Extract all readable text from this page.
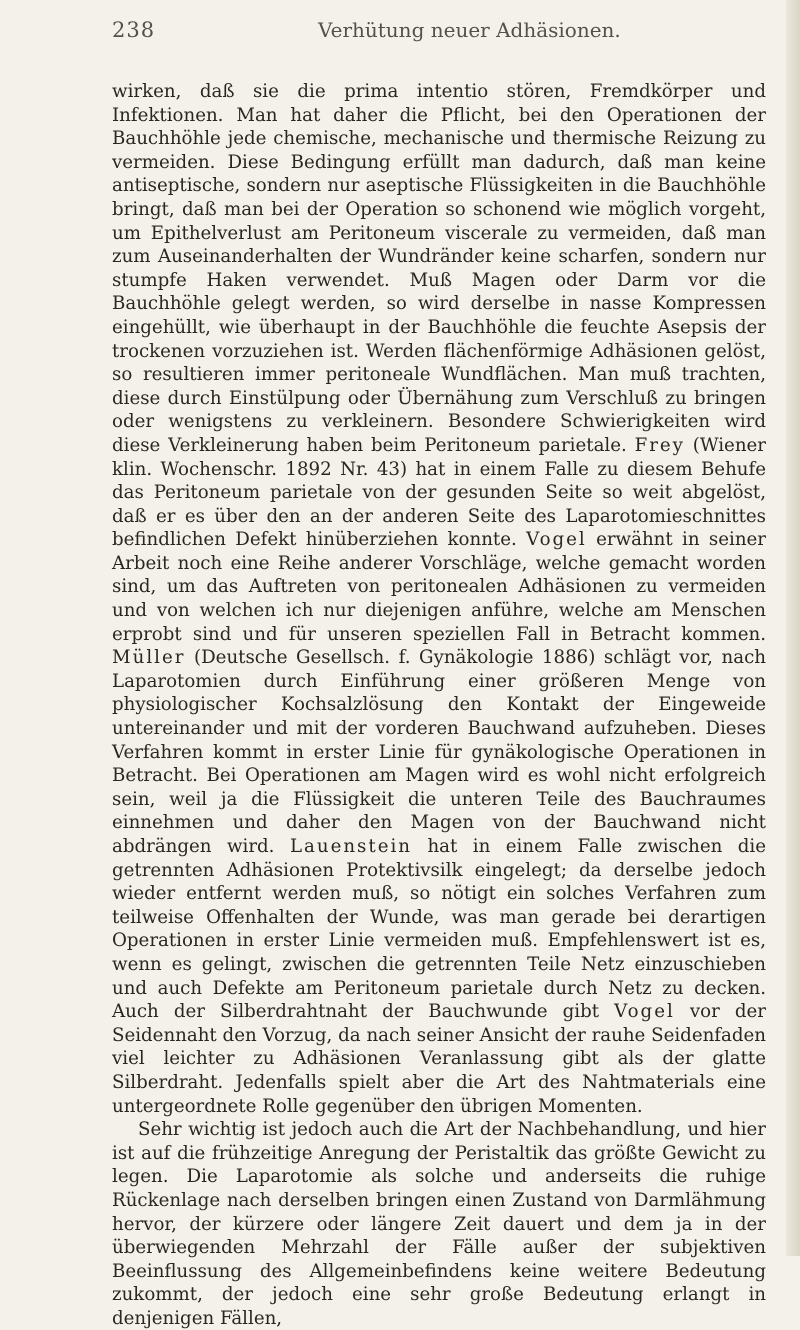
238	Verhütung neuer Adhäsionen.

wirken, daß sie die prima intentio stören, Fremdkörper und Infektionen. Man hat daher die Pflicht, bei den Operationen der Bauchhöhle jede chemische, mechanische und thermische Reizung zu vermeiden. Diese Bedingung erfüllt man dadurch, daß man keine antiseptische, sondern nur aseptische Flüssigkeiten in die Bauchhöhle bringt, daß man bei der Operation so schonend wie möglich vorgeht, um Epithelverlust am Peritoneum viscerale zu vermeiden, daß man zum Auseinanderhalten der Wundränder keine scharfen, sondern nur stumpfe Haken verwendet. Muß Magen oder Darm vor die Bauchhöhle gelegt werden, so wird derselbe in nasse Kompressen eingehüllt, wie überhaupt in der Bauchhöhle die feuchte Asepsis der trockenen vorzuziehen ist. Werden flächenförmige Adhäsionen gelöst, so resultieren immer peritoneale Wundflächen. Man muß trachten, diese durch Einstülpung oder Übernähung zum Verschluß zu bringen oder wenigstens zu verkleinern. Besondere Schwierigkeiten wird diese Verkleinerung haben beim Peritoneum parietale. Frey (Wiener klin. Wochenschr. 1892 Nr. 43) hat in einem Falle zu diesem Behufe das Peritoneum parietale von der gesunden Seite so weit abgelöst, daß er es über den an der anderen Seite des Laparotomieschnittes befindlichen Defekt hinüberziehen konnte. Vogel erwähnt in seiner Arbeit noch eine Reihe anderer Vorschläge, welche gemacht worden sind, um das Auftreten von peritonealen Adhäsionen zu vermeiden und von welchen ich nur diejenigen anführe, welche am Menschen erprobt sind und für unseren speziellen Fall in Betracht kommen. Müller (Deutsche Gesellsch. f. Gynäkologie 1886) schlägt vor, nach Laparotomien durch Einführung einer größeren Menge von physiologischer Kochsalzlösung den Kontakt der Eingeweide untereinander und mit der vorderen Bauchwand aufzuheben. Dieses Verfahren kommt in erster Linie für gynäkologische Operationen in Betracht. Bei Operationen am Magen wird es wohl nicht erfolgreich sein, weil ja die Flüssigkeit die unteren Teile des Bauchraumes einnehmen und daher den Magen von der Bauchwand nicht abdrängen wird. Lauenstein hat in einem Falle zwischen die getrennten Adhäsionen Protektivsilk eingelegt; da derselbe jedoch wieder entfernt werden muß, so nötigt ein solches Verfahren zum teilweise Offenhalten der Wunde, was man gerade bei derartigen Operationen in erster Linie vermeiden muß. Empfehlenswert ist es, wenn es gelingt, zwischen die getrennten Teile Netz einzuschieben und auch Defekte am Peritoneum parietale durch Netz zu decken. Auch der Silberdrahtnaht der Bauchwunde gibt Vogel vor der Seidennaht den Vorzug, da nach seiner Ansicht der rauhe Seidenfaden viel leichter zu Adhäsionen Veranlassung gibt als der glatte Silberdraht. Jedenfalls spielt aber die Art des Nahtmaterials eine untergeordnete Rolle gegenüber den übrigen Momenten.

Sehr wichtig ist jedoch auch die Art der Nachbehandlung, und hier ist auf die frühzeitige Anregung der Peristaltik das größte Gewicht zu legen. Die Laparotomie als solche und anderseits die ruhige Rückenlage nach derselben bringen einen Zustand von Darmlähmung hervor, der kürzere oder längere Zeit dauert und dem ja in der überwiegenden Mehrzahl der Fälle außer der subjektiven Beeinflussung des Allgemeinbefindens keine weitere Bedeutung zukommt, der jedoch eine sehr große Bedeutung erlangt in denjenigen Fällen,
